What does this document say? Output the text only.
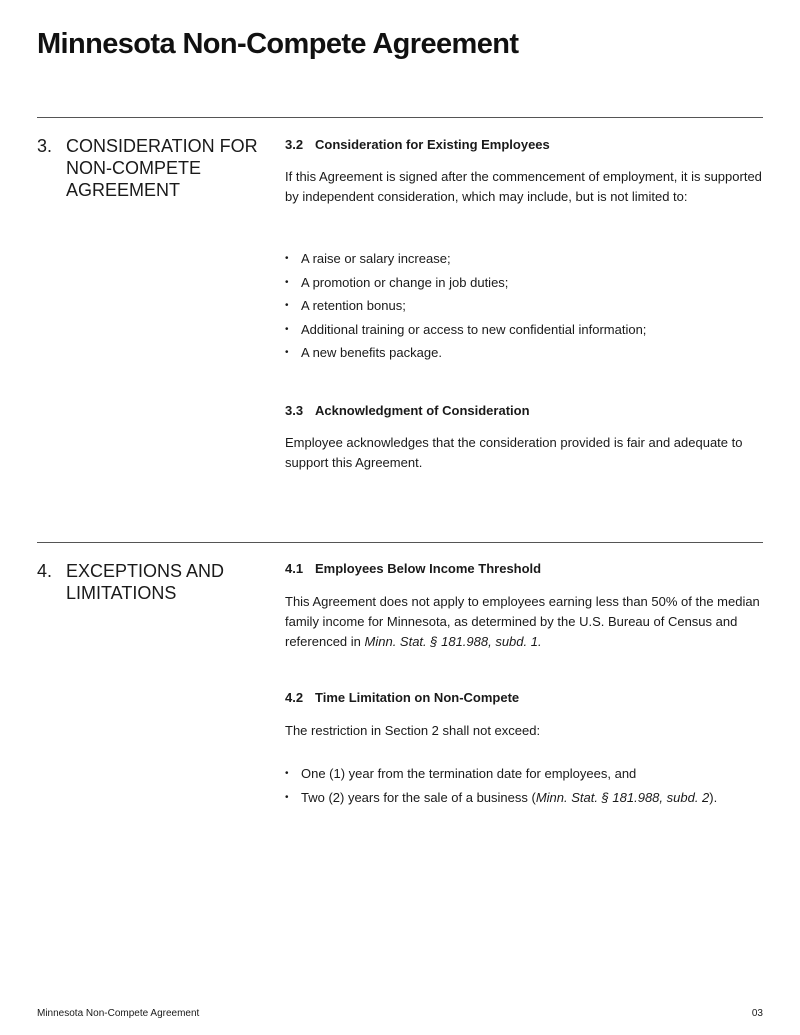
Minnesota Non-Compete Agreement
3. CONSIDERATION FOR NON-COMPETE AGREEMENT
3.2 Consideration for Existing Employees

If this Agreement is signed after the commencement of employment, it is supported by independent consideration, which may include, but is not limited to:

• A raise or salary increase;
• A promotion or change in job duties;
• A retention bonus;
• Additional training or access to new confidential information;
• A new benefits package.
3.3 Acknowledgment of Consideration

Employee acknowledges that the consideration provided is fair and adequate to support this Agreement.

4. EXCEPTIONS AND LIMITATIONS
4.1 Employees Below Income Threshold

This Agreement does not apply to employees earning less than 50% of the median family income for Minnesota, as determined by the U.S. Bureau of Census and referenced in Minn. Stat. § 181.988, subd. 1.

4.2 Time Limitation on Non-Compete

The restriction in Section 2 shall not exceed:

• One (1) year from the termination date for employees, and
• Two (2) years for the sale of a business (Minn. Stat. § 181.988, subd. 2).
Minnesota Non-Compete Agreement	03
